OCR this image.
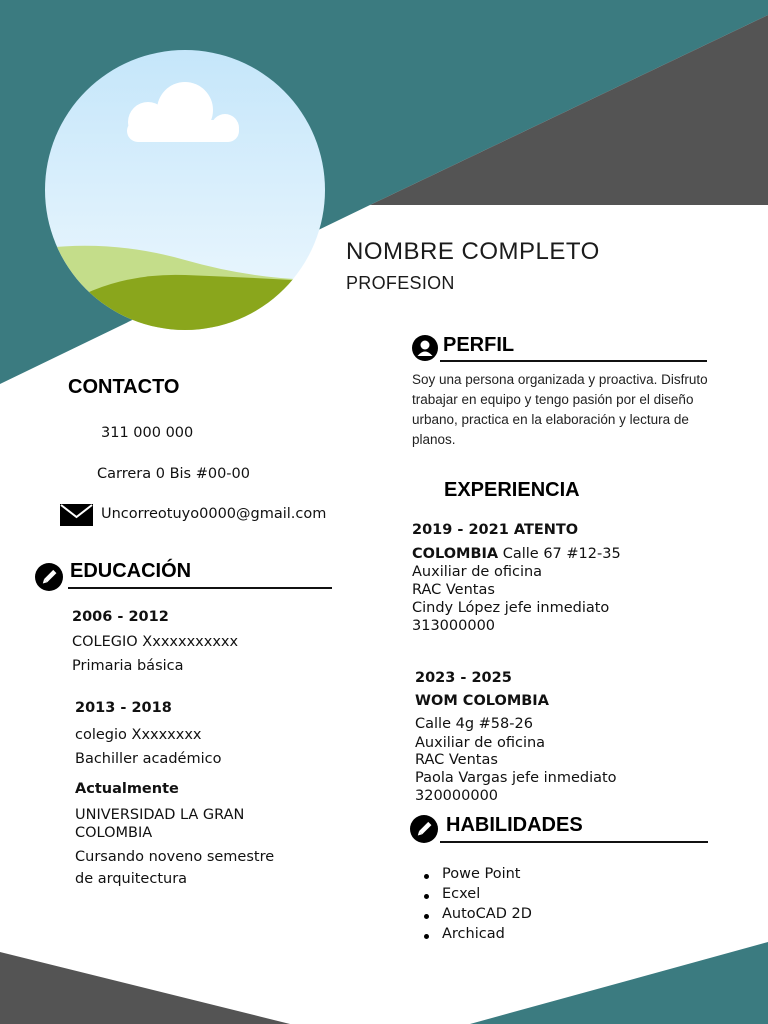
NOMBRE COMPLETO
PROFESION
CONTACTO
311 000 000
Carrera 0 Bis #00-00
Uncorreotuyo0000@gmail.com
EDUCACIÓN
2006 - 2012
COLEGIO Xxxxxxxxxxx
Primaria básica
2013 - 2018
colegio Xxxxxxxx
Bachiller académico
Actualmente
UNIVERSIDAD LA GRAN
COLOMBIA
Cursando noveno semestre
de arquitectura
PERFIL
Soy una persona organizada y proactiva. Disfruto trabajar en equipo y tengo pasión por el diseño urbano, practica en la elaboración y lectura de planos.
EXPERIENCIA
2019 - 2021 ATENTO
COLOMBIA Calle 67 #12-35
Auxiliar de oficina
RAC Ventas
Cindy López jefe inmediato
313000000
2023 - 2025
WOM COLOMBIA
Calle 4g #58-26
Auxiliar de oficina
RAC Ventas
Paola Vargas jefe inmediato
320000000
HABILIDADES
Powe Point
Ecxel
AutoCAD 2D
Archicad
